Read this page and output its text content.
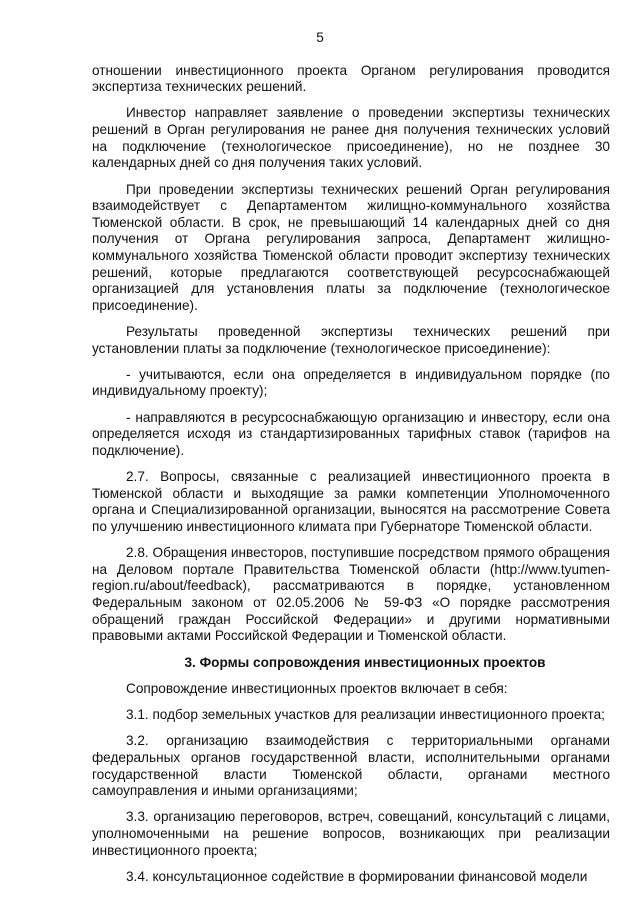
5

отношении инвестиционного проекта Органом регулирования проводится экспертиза технических решений.

Инвестор направляет заявление о проведении экспертизы технических решений в Орган регулирования не ранее дня получения технических условий на подключение (технологическое присоединение), но не позднее 30 календарных дней со дня получения таких условий.

При проведении экспертизы технических решений Орган регулирования взаимодействует с Департаментом жилищно-коммунального хозяйства Тюменской области. В срок, не превышающий 14 календарных дней со дня получения от Органа регулирования запроса, Департамент жилищно-коммунального хозяйства Тюменской области проводит экспертизу технических решений, которые предлагаются соответствующей ресурсоснабжающей организацией для установления платы за подключение (технологическое присоединение).

Результаты проведенной экспертизы технических решений при установлении платы за подключение (технологическое присоединение):

- учитываются, если она определяется в индивидуальном порядке (по индивидуальному проекту);

- направляются в ресурсоснабжающую организацию и инвестору, если она определяется исходя из стандартизированных тарифных ставок (тарифов на подключение).

2.7. Вопросы, связанные с реализацией инвестиционного проекта в Тюменской области и выходящие за рамки компетенции Уполномоченного органа и Специализированной организации, выносятся на рассмотрение Совета по улучшению инвестиционного климата при Губернаторе Тюменской области.

2.8. Обращения инвесторов, поступившие посредством прямого обращения на Деловом портале Правительства Тюменской области (http://www.tyumen-region.ru/about/feedback), рассматриваются в порядке, установленном Федеральным законом от 02.05.2006 № 59-ФЗ «О порядке рассмотрения обращений граждан Российской Федерации» и другими нормативными правовыми актами Российской Федерации и Тюменской области.

3. Формы сопровождения инвестиционных проектов

Сопровождение инвестиционных проектов включает в себя:

3.1. подбор земельных участков для реализации инвестиционного проекта;

3.2. организацию взаимодействия с территориальными органами федеральных органов государственной власти, исполнительными органами государственной власти Тюменской области, органами местного самоуправления и иными организациями;

3.3. организацию переговоров, встреч, совещаний, консультаций с лицами, уполномоченными на решение вопросов, возникающих при реализации инвестиционного проекта;

3.4. консультационное содействие в формировании финансовой модели
